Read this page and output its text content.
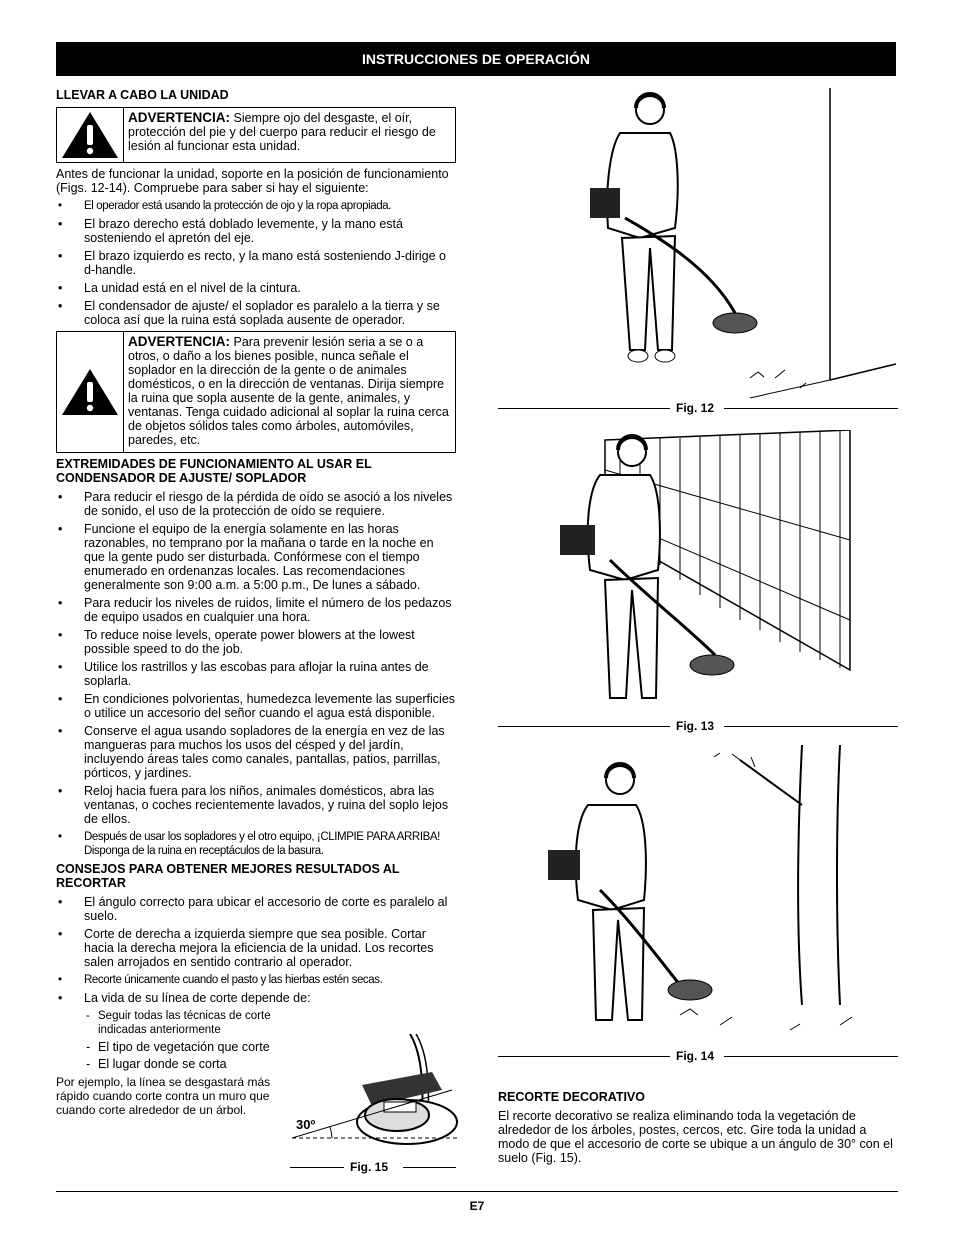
INSTRUCCIONES DE OPERACIÓN
LLEVAR A CABO LA UNIDAD
ADVERTENCIA: Siempre ojo del desgaste, el oír, protección del pie y del cuerpo para reducir el riesgo de lesión al funcionar esta unidad.

Antes de funcionar la unidad, soporte en la posición de funcionamiento (Figs. 12-14). Compruebe para saber si hay el siguiente:

• El operador está usando la protección de ojo y la ropa apropiada.
• El brazo derecho está doblado levemente, y la mano está sosteniendo el apretón del eje.
• El brazo izquierdo es recto, y la mano está sosteniendo J-dirige o d-handle.
• La unidad está en el nivel de la cintura.
• El condensador de ajuste/ el soplador es paralelo a la tierra y se coloca así que la ruina está soplada ausente de operador.
ADVERTENCIA: Para prevenir lesión seria a se o a otros, o daño a los bienes posible, nunca señale el soplador en la dirección de la gente o de animales domésticos, o en la dirección de ventanas. Dirija siempre la ruina que sopla ausente de la gente, animales, y ventanas. Tenga cuidado adicional al soplar la ruina cerca de objetos sólidos tales como árboles, automóviles, paredes, etc.
EXTREMIDADES DE FUNCIONAMIENTO AL USAR EL CONDENSADOR DE AJUSTE/ SOPLADOR
• Para reducir el riesgo de la pérdida de oído se asoció a los niveles de sonido, el uso de la protección de oído se requiere.
• Funcione el equipo de la energía solamente en las horas razonables, no temprano por la mañana o tarde en la noche en que la gente pudo ser disturbada. Confórmese con el tiempo enumerado en ordenanzas locales. Las recomendaciones generalmente son 9:00 a.m. a 5:00 p.m., De lunes a sábado.
• Para reducir los niveles de ruidos, limite el número de los pedazos de equipo usados en cualquier una hora.
• To reduce noise levels, operate power blowers at the lowest possible speed to do the job.
• Utilice los rastrillos y las escobas para aflojar la ruina antes de soplarla.
• En condiciones polvorientas, humedezca levemente las superficies o utilice un accesorio del señor cuando el agua está disponible.
• Conserve el agua usando sopladores de la energía en vez de las mangueras para muchos los usos del césped y del jardín, incluyendo áreas tales como canales, pantallas, patios, parrillas, pórticos, y jardines.
• Reloj hacia fuera para los niños, animales domésticos, abra las ventanas, o coches recientemente lavados, y ruina del soplo lejos de ellos.
• Después de usar los sopladores y el otro equipo, ¡CLIMPIE PARA ARRIBA! Disponga de la ruina en receptáculos de la basura.
CONSEJOS PARA OBTENER MEJORES RESULTADOS AL RECORTAR
• El ángulo correcto para ubicar el accesorio de corte es paralelo al suelo.
• Corte de derecha a izquierda siempre que sea posible. Cortar hacia la derecha mejora la eficiencia de la unidad. Los recortes salen arrojados en sentido contrario al operador.
• Recorte únicamente cuando el pasto y las hierbas estén secas.
• La vida de su línea de corte depende de:
- Seguir todas las técnicas de corte indicadas anteriormente
- El tipo de vegetación que corte
- El lugar donde se corta

Por ejemplo, la línea se desgastará más rápido cuando corte contra un muro que cuando corte alrededor de un árbol.

30º
Fig. 15
Fig. 12
Fig. 13
Fig. 14
RECORTE DECORATIVO

El recorte decorativo se realiza eliminando toda la vegetación de alrededor de los árboles, postes, cercos, etc. Gire toda la unidad a modo de que el accesorio de corte se ubique a un ángulo de 30° con el suelo (Fig. 15).

E7
